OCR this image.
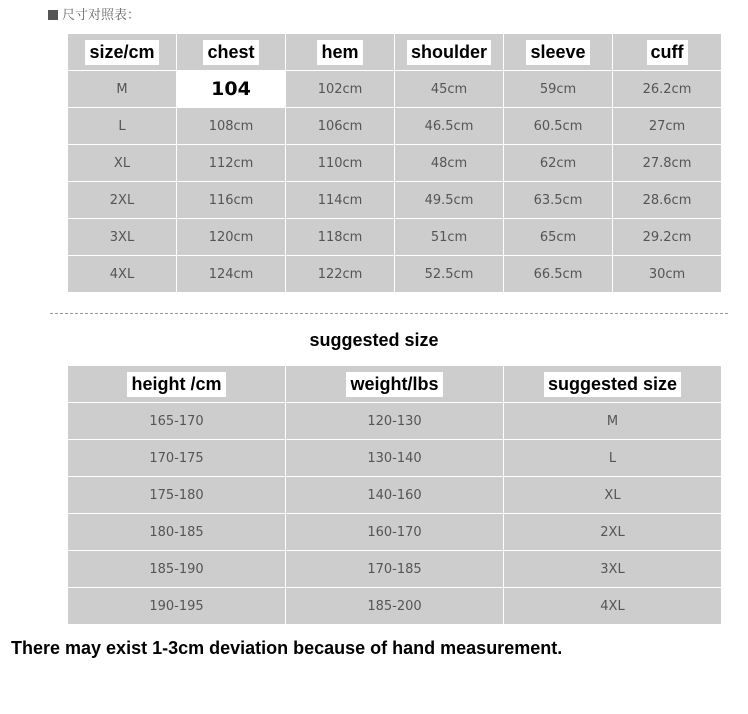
尺寸对照表：
size/cm	chest	hem	shoulder	sleeve	cuff
M	104	102cm	45cm	59cm	26.2cm
L	108cm	106cm	46.5cm	60.5cm	27cm
XL	112cm	110cm	48cm	62cm	27.8cm
2XL	116cm	114cm	49.5cm	63.5cm	28.6cm
3XL	120cm	118cm	51cm	65cm	29.2cm
4XL	124cm	122cm	52.5cm	66.5cm	30cm
suggested size
height /cm	weight/lbs	suggested size
165-170	120-130	M
170-175	130-140	L
175-180	140-160	XL
180-185	160-170	2XL
185-190	170-185	3XL
190-195	185-200	4XL
There may exist 1-3cm deviation because of hand measurement.
